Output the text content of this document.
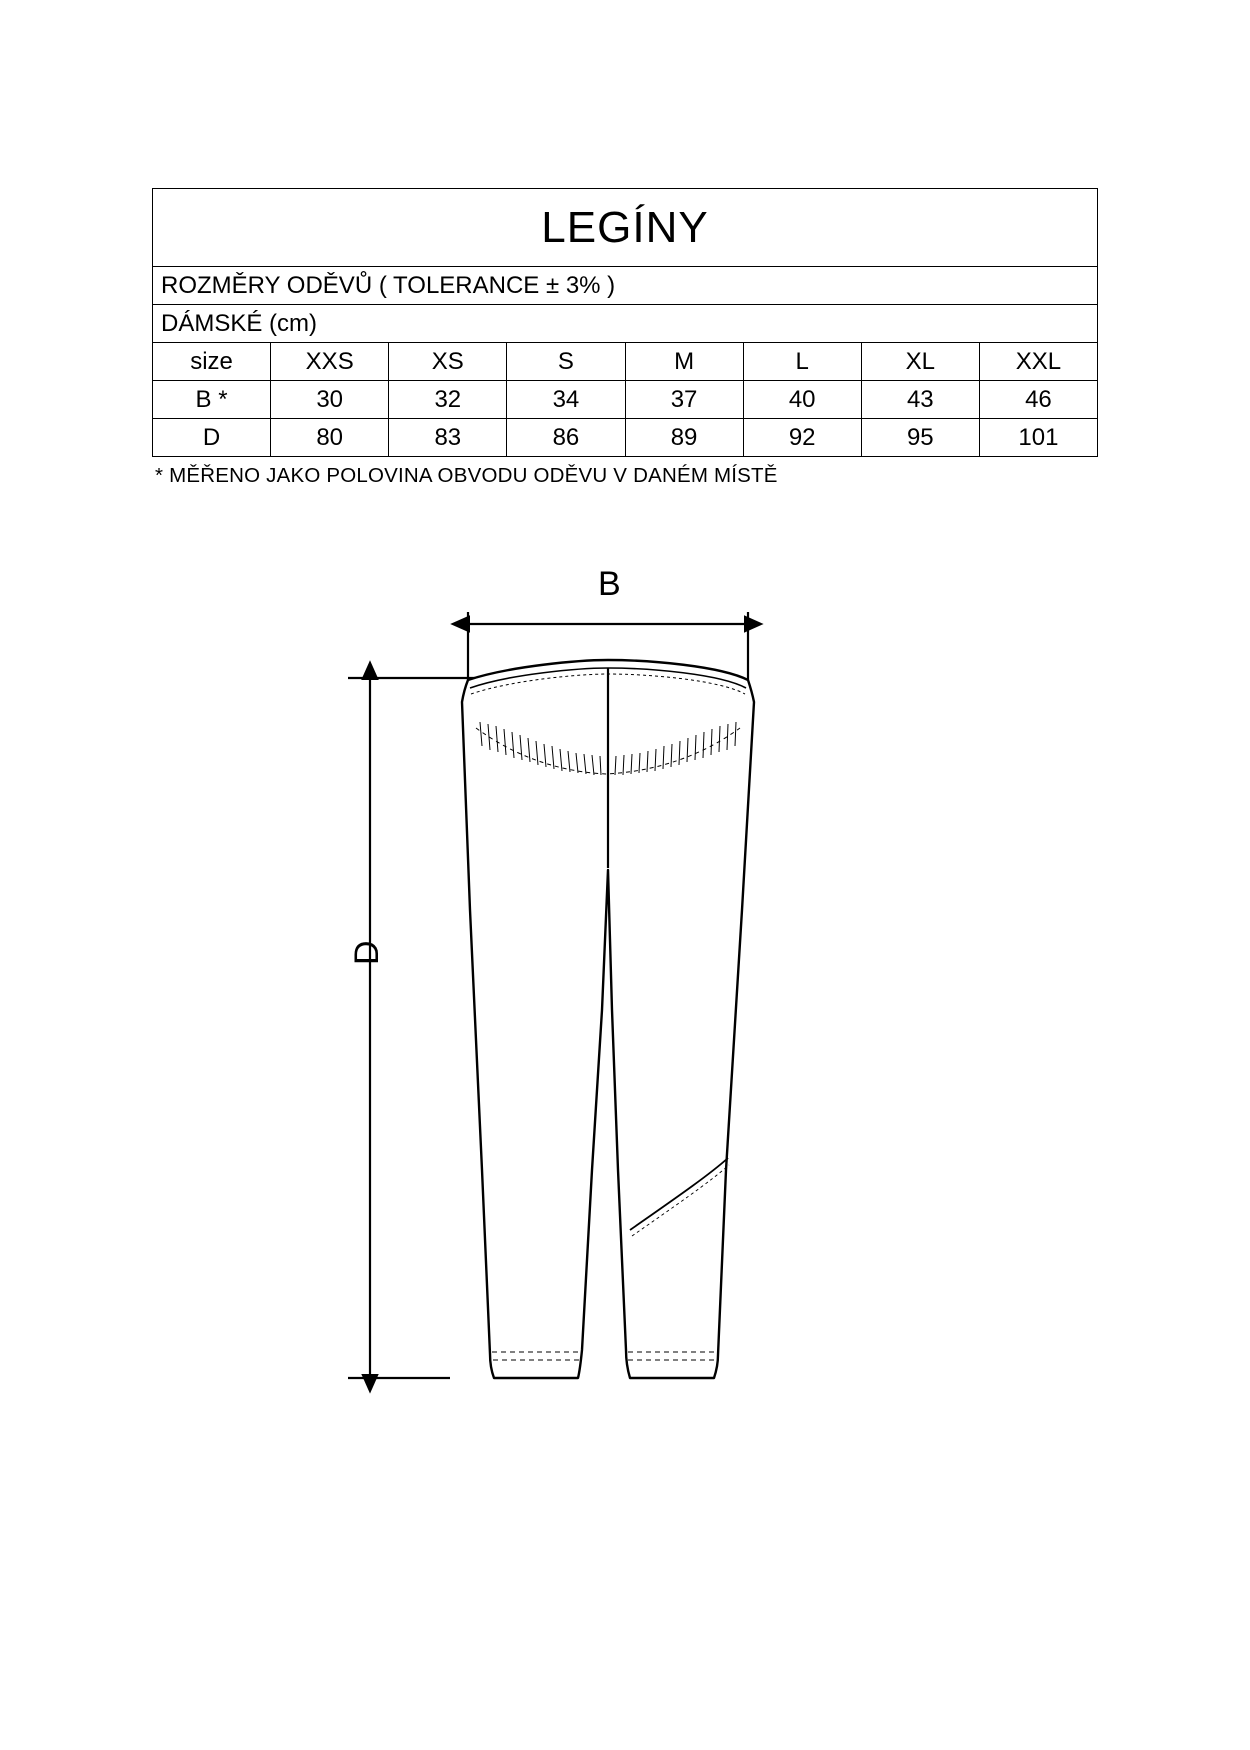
LEGÍNY							
ROZMĚRY ODĚVŮ ( TOLERANCE ± 3% )							
DÁMSKÉ (cm)							
size	XXS	XS	S	M	L	XL	XXL
B *	30	32	34	37	40	43	46
D	80	83	86	89	92	95	101
* MĚŘENO JAKO POLOVINA OBVODU ODĚVU V DANÉM MÍSTĚ
B
D
